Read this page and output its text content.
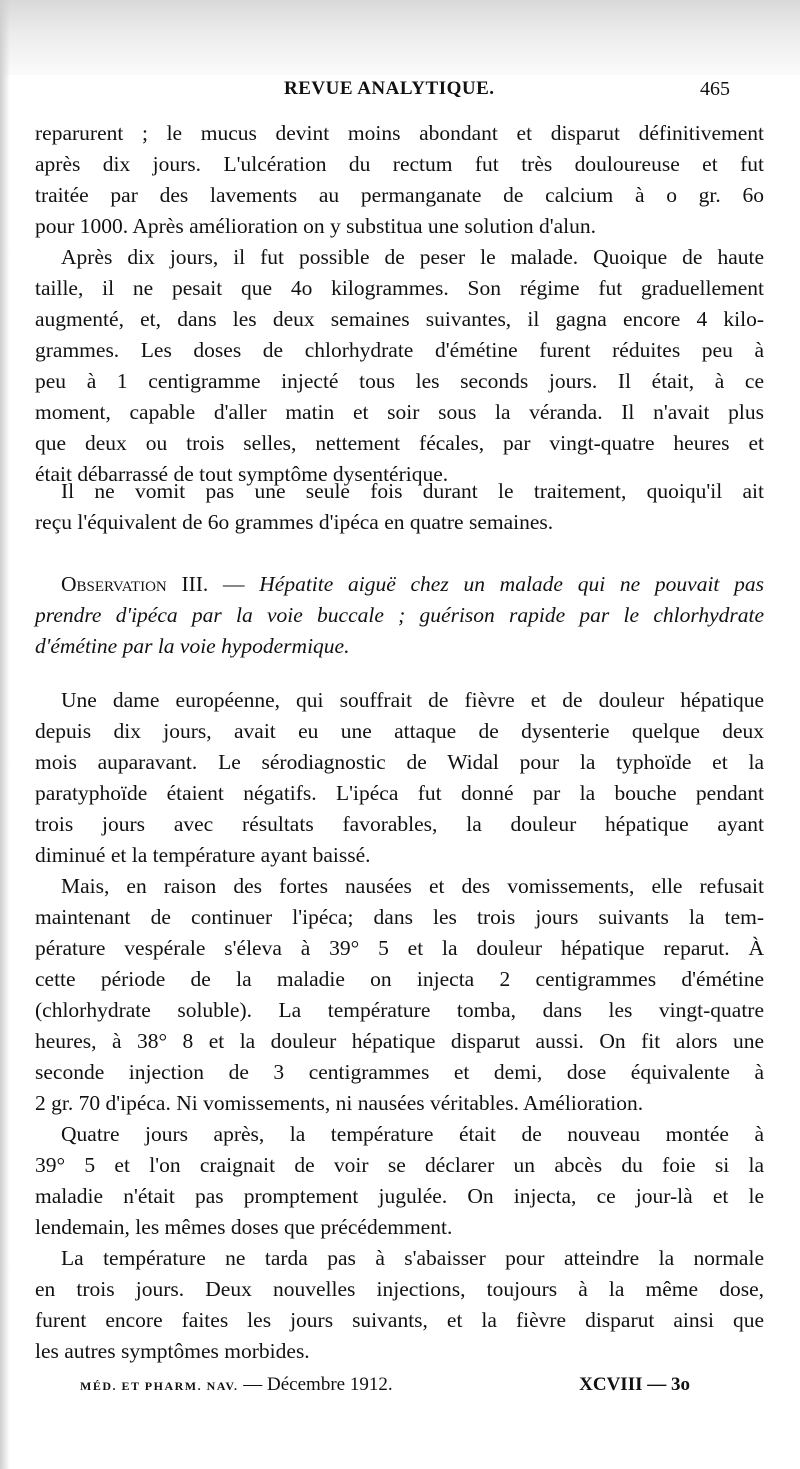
REVUE ANALYTIQUE.	465
reparurent ; le mucus devint moins abondant et disparut définitivement
après dix jours. L'ulcération du rectum fut très douloureuse et fut
traitée par des lavements au permanganate de calcium à o gr. 6o
pour 1000. Après amélioration on y substitua une solution d'alun.
Après dix jours, il fut possible de peser le malade. Quoique de haute
taille, il ne pesait que 4o kilogrammes. Son régime fut graduellement
augmenté, et, dans les deux semaines suivantes, il gagna encore 4 kilo-
grammes. Les doses de chlorhydrate d'émétine furent réduites peu à
peu à 1 centigramme injecté tous les seconds jours. Il était, à ce
moment, capable d'aller matin et soir sous la véranda. Il n'avait plus
que deux ou trois selles, nettement fécales, par vingt-quatre heures et
était débarrassé de tout symptôme dysentérique.
Il ne vomit pas une seule fois durant le traitement, quoiqu'il ait
reçu l'équivalent de 6o grammes d'ipéca en quatre semaines.
Observation III. — Hépatite aiguë chez un malade qui ne pouvait pas
prendre d'ipéca par la voie buccale ; guérison rapide par le chlorhydrate
d'émétine par la voie hypodermique.
Une dame européenne, qui souffrait de fièvre et de douleur hépatique
depuis dix jours, avait eu une attaque de dysenterie quelque deux
mois auparavant. Le sérodiagnostic de Widal pour la typhoïde et la
paratyphoïde étaient négatifs. L'ipéca fut donné par la bouche pendant
trois jours avec résultats favorables, la douleur hépatique ayant
diminué et la température ayant baissé.
Mais, en raison des fortes nausées et des vomissements, elle refusait
maintenant de continuer l'ipéca; dans les trois jours suivants la tem-
pérature vespérale s'éleva à 39° 5 et la douleur hépatique reparut. À
cette période de la maladie on injecta 2 centigrammes d'émétine
(chlorhydrate soluble). La température tomba, dans les vingt-quatre
heures, à 38° 8 et la douleur hépatique disparut aussi. On fit alors une
seconde injection de 3 centigrammes et demi, dose équivalente à
2 gr. 70 d'ipéca. Ni vomissements, ni nausées véritables. Amélioration.
Quatre jours après, la température était de nouveau montée à
39° 5 et l'on craignait de voir se déclarer un abcès du foie si la
maladie n'était pas promptement jugulée. On injecta, ce jour-là et le
lendemain, les mêmes doses que précédemment.
La température ne tarda pas à s'abaisser pour atteindre la normale
en trois jours. Deux nouvelles injections, toujours à la même dose,
furent encore faites les jours suivants, et la fièvre disparut ainsi que
les autres symptômes morbides.
MÉD. ET PHARM. NAV. — Décembre 1912.	XCVIII — 3o
